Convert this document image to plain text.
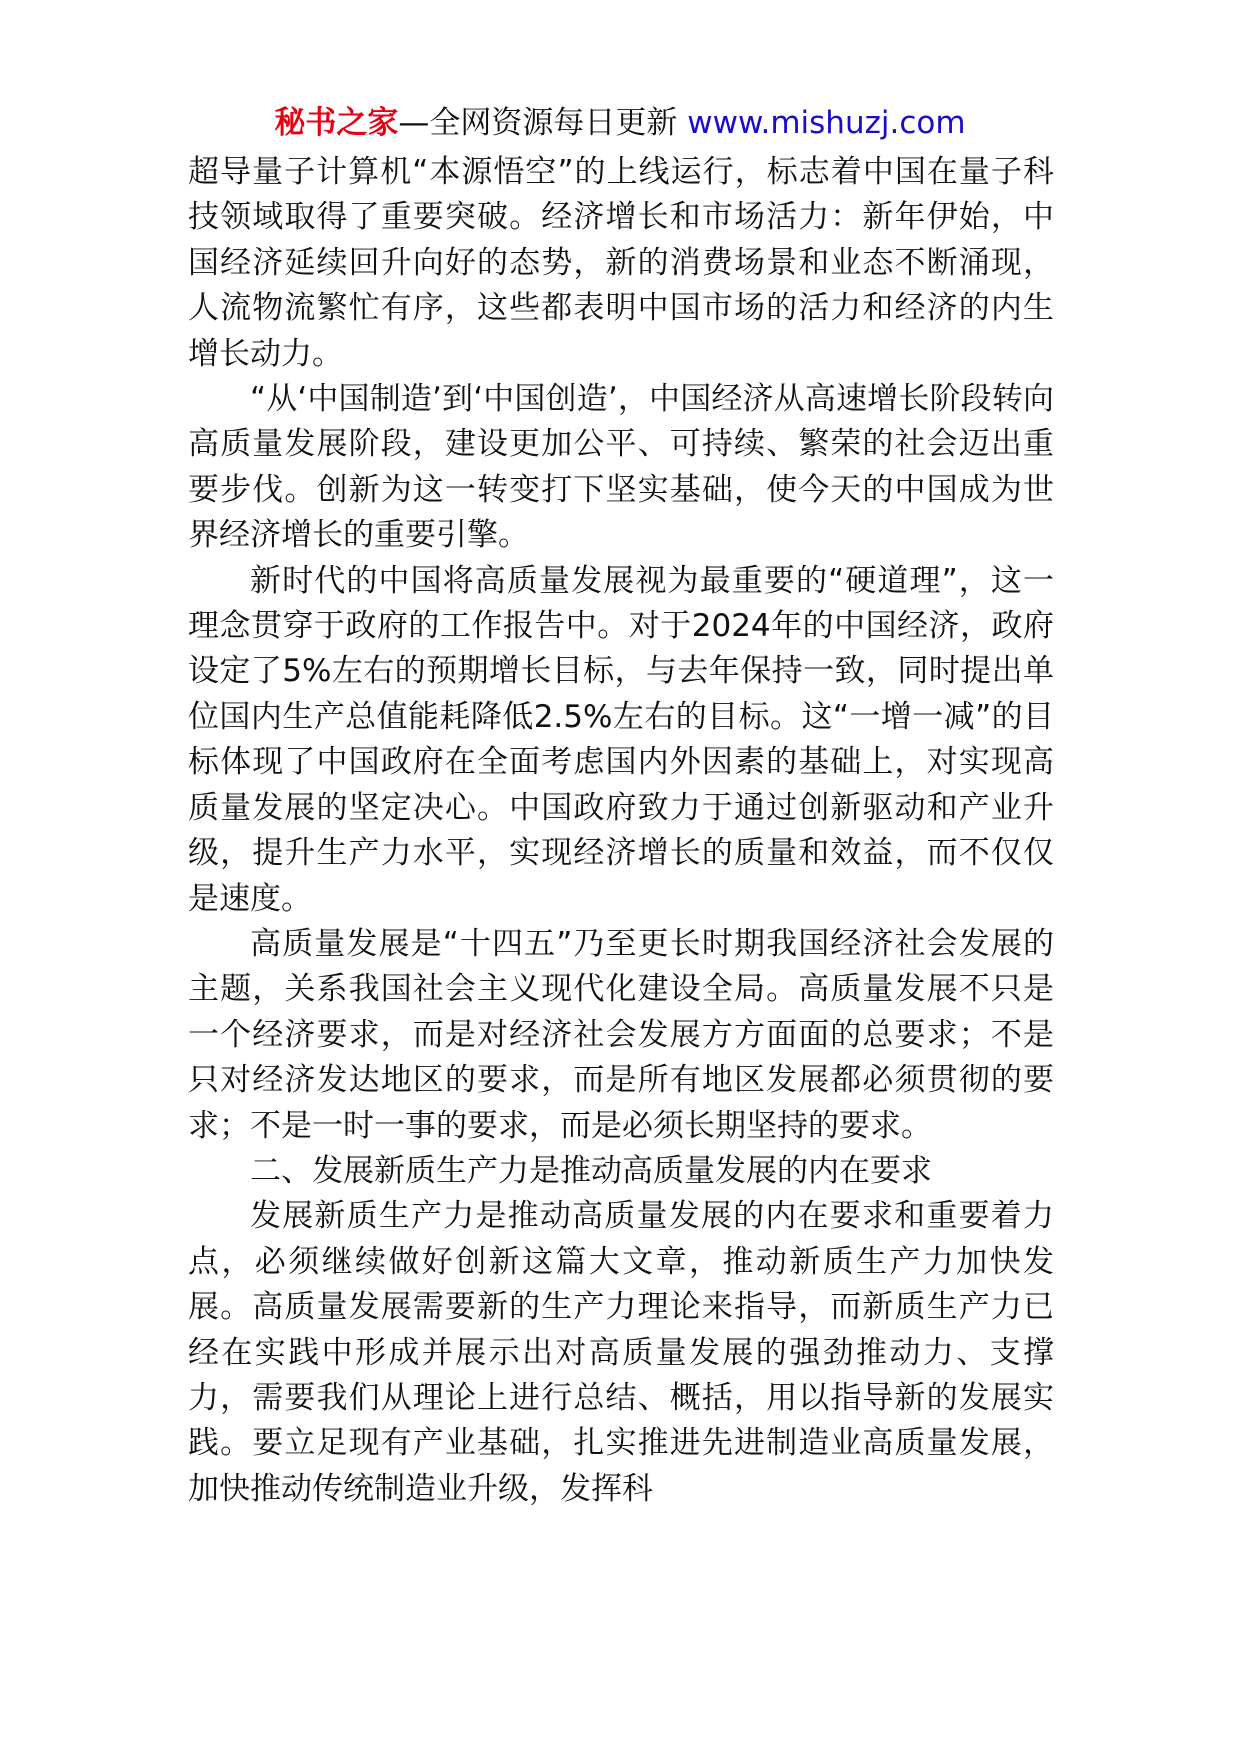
秘书之家—全网资源每日更新 www.mishuzj.com

超导量子计算机“本源悟空”的上线运行，标志着中国在量子科技领域取得了重要突破。经济增长和市场活力：新年伊始，中国经济延续回升向好的态势，新的消费场景和业态不断涌现，人流物流繁忙有序，这些都表明中国市场的活力和经济的内生增长动力。

“从‘中国制造’到‘中国创造’，中国经济从高速增长阶段转向高质量发展阶段，建设更加公平、可持续、繁荣的社会迈出重要步伐。创新为这一转变打下坚实基础，使今天的中国成为世界经济增长的重要引擎。

新时代的中国将高质量发展视为最重要的“硬道理”，这一理念贯穿于政府的工作报告中。对于2024年的中国经济，政府设定了5%左右的预期增长目标，与去年保持一致，同时提出单位国内生产总值能耗降低2.5%左右的目标。这“一增一减”的目标体现了中国政府在全面考虑国内外因素的基础上，对实现高质量发展的坚定决心。中国政府致力于通过创新驱动和产业升级，提升生产力水平，实现经济增长的质量和效益，而不仅仅是速度。

高质量发展是“十四五”乃至更长时期我国经济社会发展的主题，关系我国社会主义现代化建设全局。高质量发展不只是一个经济要求，而是对经济社会发展方方面面的总要求；不是只对经济发达地区的要求，而是所有地区发展都必须贯彻的要求；不是一时一事的要求，而是必须长期坚持的要求。

二、发展新质生产力是推动高质量发展的内在要求

发展新质生产力是推动高质量发展的内在要求和重要着力点，必须继续做好创新这篇大文章，推动新质生产力加快发展。高质量发展需要新的生产力理论来指导，而新质生产力已经在实践中形成并展示出对高质量发展的强劲推动力、支撑力，需要我们从理论上进行总结、概括，用以指导新的发展实践。要立足现有产业基础，扎实推进先进制造业高质量发展，加快推动传统制造业升级，发挥科
